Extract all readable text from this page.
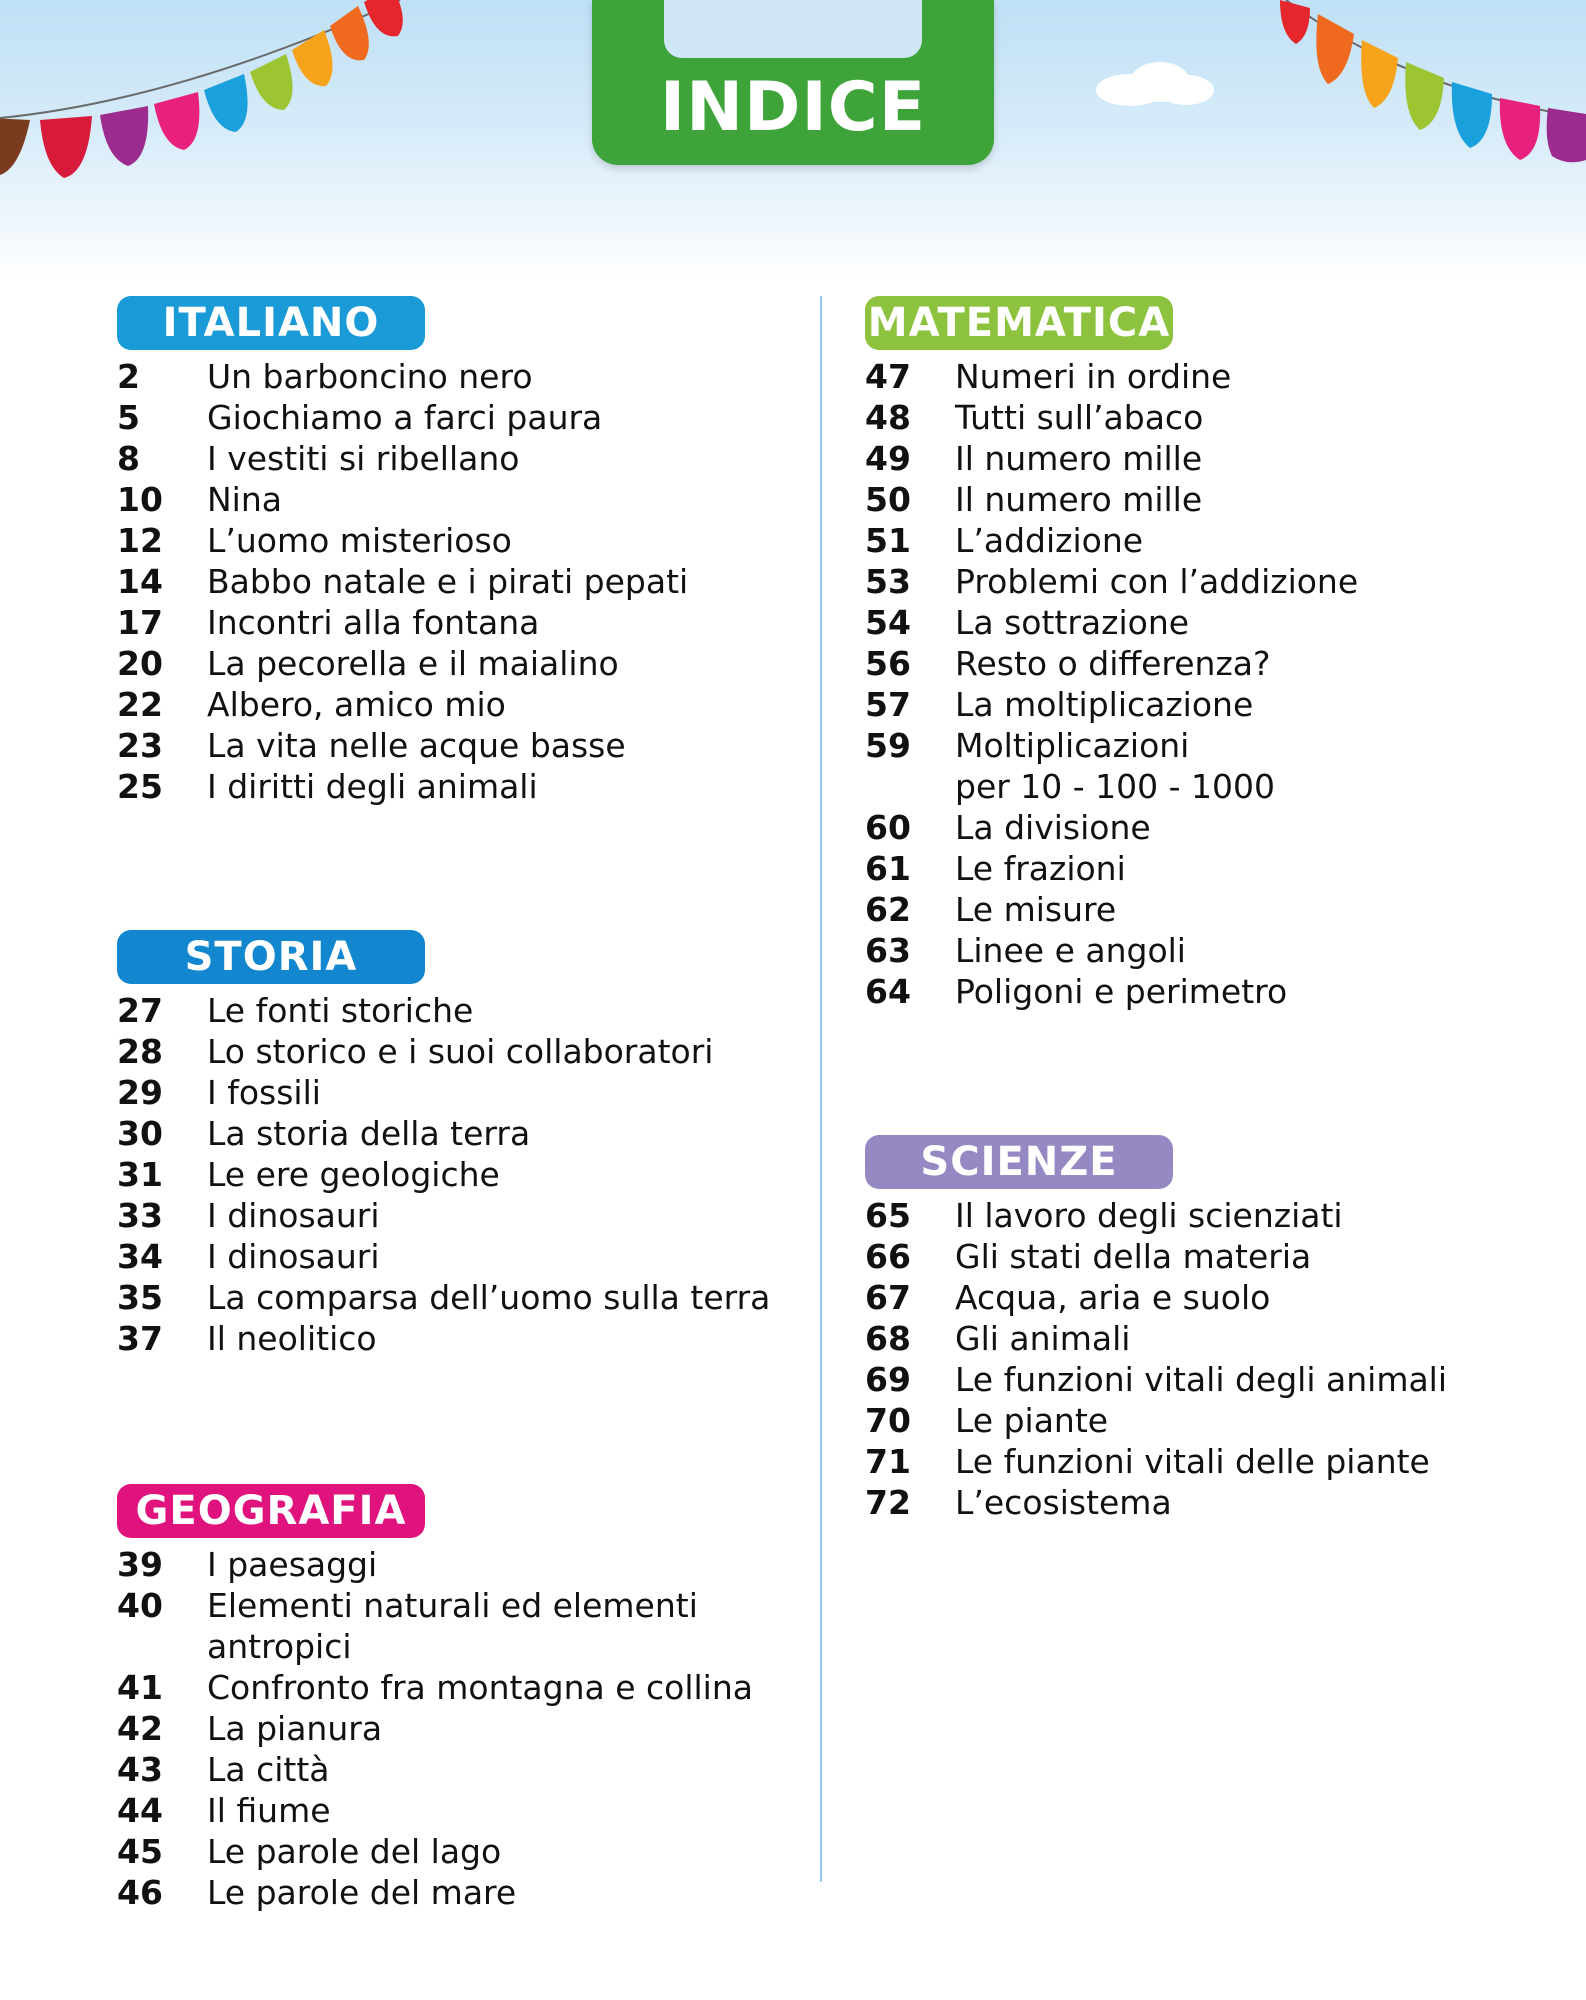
INDICE
ITALIANO
2	Un barboncino nero
5	Giochiamo a farci paura
8	I vestiti si ribellano
10	Nina
12	L’uomo misterioso
14	Babbo natale e i pirati pepati
17	Incontri alla fontana
20	La pecorella e il maialino
22	Albero, amico mio
23	La vita nelle acque basse
25	I diritti degli animali
STORIA
27	Le fonti storiche
28	Lo storico e i suoi collaboratori
29	I fossili
30	La storia della terra
31	Le ere geologiche
33	I dinosauri
34	I dinosauri
35	La comparsa dell’uomo sulla terra
37	Il neolitico
GEOGRAFIA
39	I paesaggi
40	Elementi naturali ed elementi
antropici
41	Confronto fra montagna e collina
42	La pianura
43	La città
44	Il fiume
45	Le parole del lago
46	Le parole del mare
MATEMATICA
47	Numeri in ordine
48	Tutti sull’abaco
49	Il numero mille
50	Il numero mille
51	L’addizione
53	Problemi con l’addizione
54	La sottrazione
56	Resto o differenza?
57	La moltiplicazione
59	Moltiplicazioni
per 10 - 100 - 1000
60	La divisione
61	Le frazioni
62	Le misure
63	Linee e angoli
64	Poligoni e perimetro
SCIENZE
65	Il lavoro degli scienziati
66	Gli stati della materia
67	Acqua, aria e suolo
68	Gli animali
69	Le funzioni vitali degli animali
70	Le piante
71	Le funzioni vitali delle piante
72	L’ecosistema
